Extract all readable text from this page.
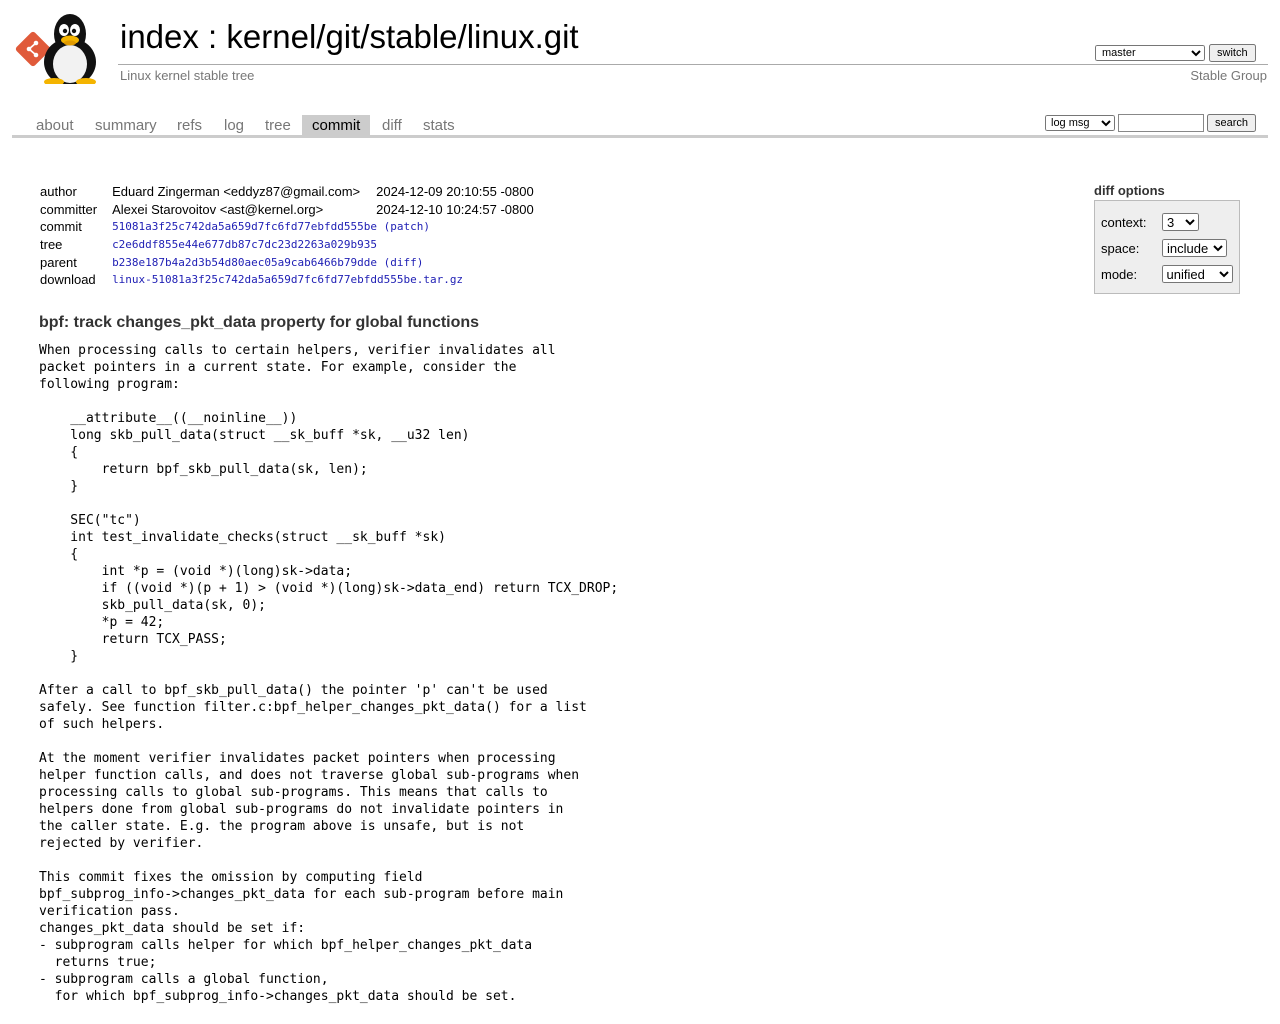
index : kernel/git/stable/linux.git
Linux kernel stable tree	Stable Group
master
switch
about summary refs log tree	commit	diff stats
log msg	search
author	Eduard Zingerman <eddyz87@gmail.com>	2024-12-09 20:10:55 -0800
committer	Alexei Starovoitov <ast@kernel.org>	2024-12-10 10:24:57 -0800
commit	51081a3f25c742da5a659d7fc6fd77ebfdd555be (patch)	
tree	c2e6ddf855e44e677db87c7dc23d2263a029b935	
parent	b238e187b4a2d3b54d80aec05a9cab6466b79dde (diff)	
download	linux-51081a3f25c742da5a659d7fc6fd77ebfdd555be.tar.gz	
diff options
context:
3
space:
include
mode:
unified
bpf: track changes_pkt_data property for global functions
When processing calls to certain helpers, verifier invalidates all
packet pointers in a current state. For example, consider the
following program:

__attribute__((__noinline__))
long skb_pull_data(struct __sk_buff *sk, __u32 len)
{
return bpf_skb_pull_data(sk, len);
}

SEC("tc")
int test_invalidate_checks(struct __sk_buff *sk)
{
int *p = (void *)(long)sk->data;
if ((void *)(p + 1) > (void *)(long)sk->data_end) return TCX_DROP;
skb_pull_data(sk, 0);
*p = 42;
return TCX_PASS;
}

After a call to bpf_skb_pull_data() the pointer 'p' can't be used
safely. See function filter.c:bpf_helper_changes_pkt_data() for a list
of such helpers.

At the moment verifier invalidates packet pointers when processing
helper function calls, and does not traverse global sub-programs when
processing calls to global sub-programs. This means that calls to
helpers done from global sub-programs do not invalidate pointers in
the caller state. E.g. the program above is unsafe, but is not
rejected by verifier.

This commit fixes the omission by computing field
bpf_subprog_info->changes_pkt_data for each sub-program before main
verification pass.
changes_pkt_data should be set if:
- subprogram calls helper for which bpf_helper_changes_pkt_data
returns true;
- subprogram calls a global function,
for which bpf_subprog_info->changes_pkt_data should be set.
